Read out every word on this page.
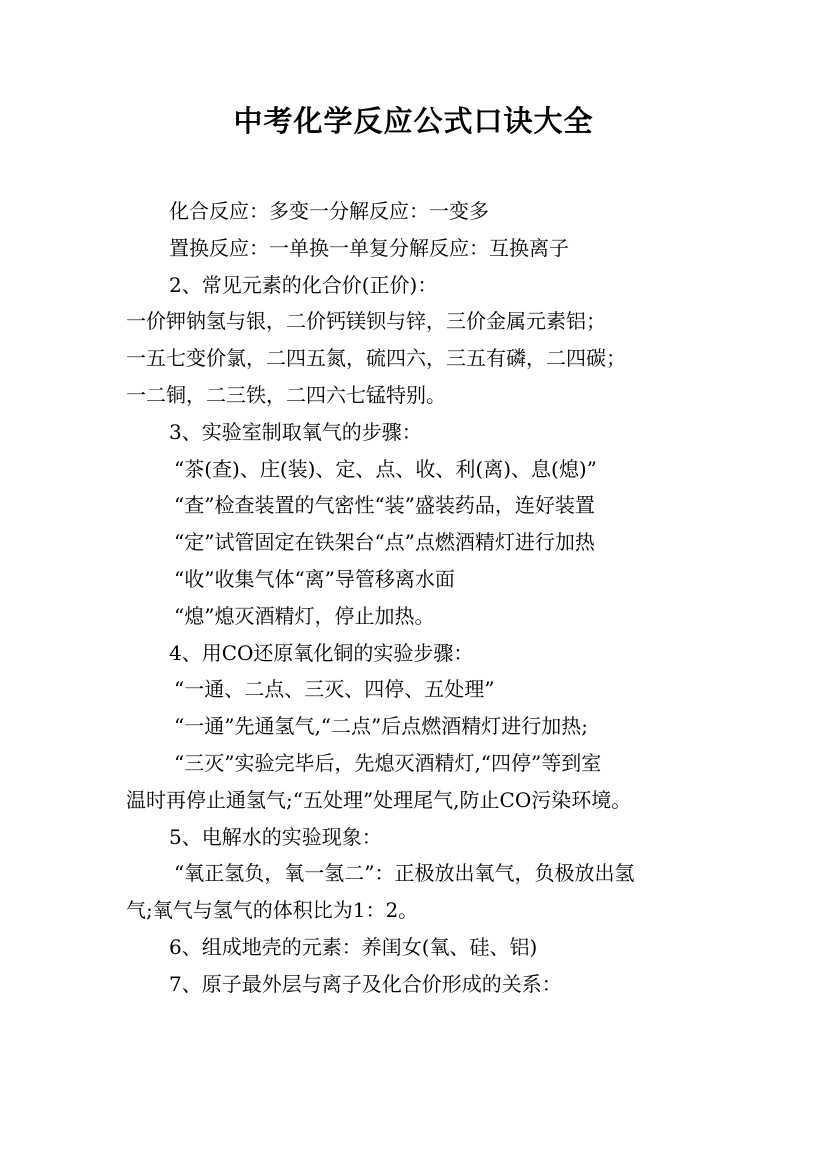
中考化学反应公式口诀大全
化合反应：多变一分解反应：一变多
置换反应：一单换一单复分解反应：互换离子
2、常见元素的化合价(正价)：
一价钾钠氢与银，二价钙镁钡与锌，三价金属元素铝；
一五七变价氯，二四五氮，硫四六，三五有磷，二四碳；
一二铜，二三铁，二四六七锰特别。
3、实验室制取氧气的步骤：
“茶(查)、庄(装)、定、点、收、利(离)、息(熄)”
“查”检查装置的气密性“装”盛装药品，连好装置
“定”试管固定在铁架台“点”点燃酒精灯进行加热
“收”收集气体“离”导管移离水面
“熄”熄灭酒精灯，停止加热。
4、用CO还原氧化铜的实验步骤：
“一通、二点、三灭、四停、五处理”
“一通”先通氢气,“二点”后点燃酒精灯进行加热;
“三灭”实验完毕后，先熄灭酒精灯,“四停”等到室
温时再停止通氢气;“五处理”处理尾气,防止CO污染环境。
5、电解水的实验现象：
“氧正氢负，氧一氢二”：正极放出氧气，负极放出氢
气;氧气与氢气的体积比为1：2。
6、组成地壳的元素：养闺女(氧、硅、铝)
7、原子最外层与离子及化合价形成的关系：
